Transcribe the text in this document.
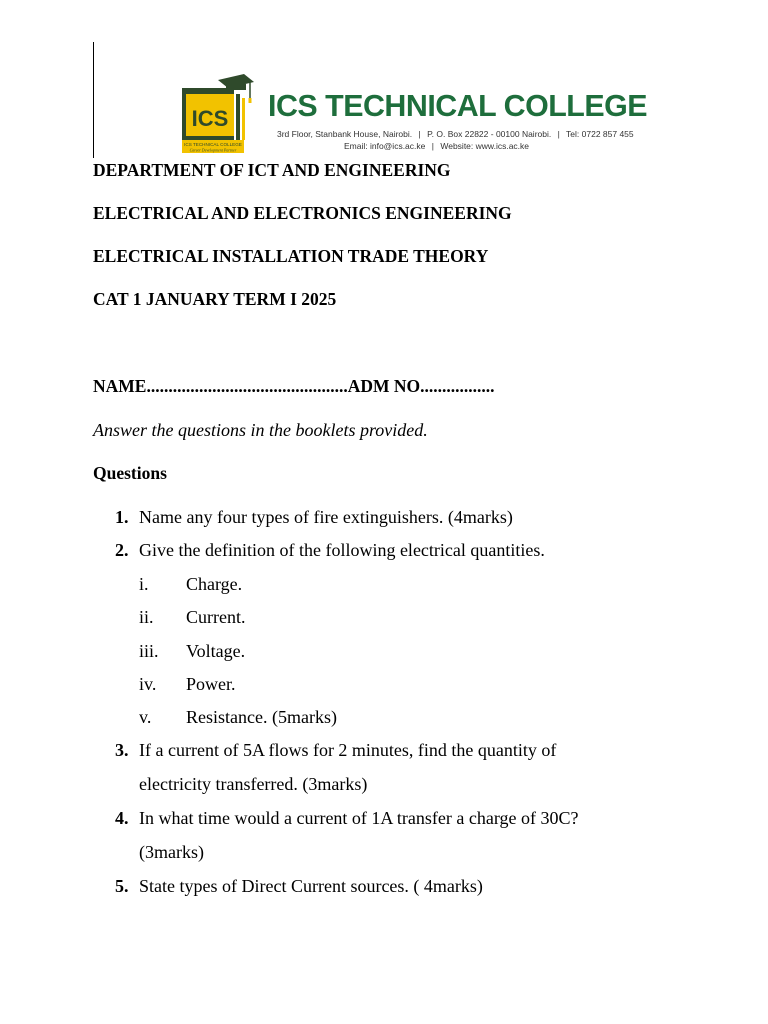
ICS
ICS TECHNICAL COLLEGE
Career Development Partner
ICS TECHNICAL COLLEGE
3rd Floor, Stanbank House, Nairobi. | P. O. Box 22822 - 00100 Nairobi. | Tel: 0722 857 455
Email: info@ics.ac.ke | Website: www.ics.ac.ke
DEPARTMENT OF ICT AND ENGINEERING
ELECTRICAL AND ELECTRONICS ENGINEERING
ELECTRICAL INSTALLATION TRADE THEORY
CAT 1 JANUARY TERM I 2025
NAME..............................................ADM NO.................
Answer the questions in the booklets provided.
Questions
1. Name any four types of fire extinguishers. (4marks)
2. Give the definition of the following electrical quantities.
i. Charge.
ii. Current.
iii. Voltage.
iv. Power.
v. Resistance. (5marks)
3. If a current of 5A flows for 2 minutes, find the quantity of
electricity transferred. (3marks)
4. In what time would a current of 1A transfer a charge of 30C?
(3marks)
5. State types of Direct Current sources. ( 4marks)
